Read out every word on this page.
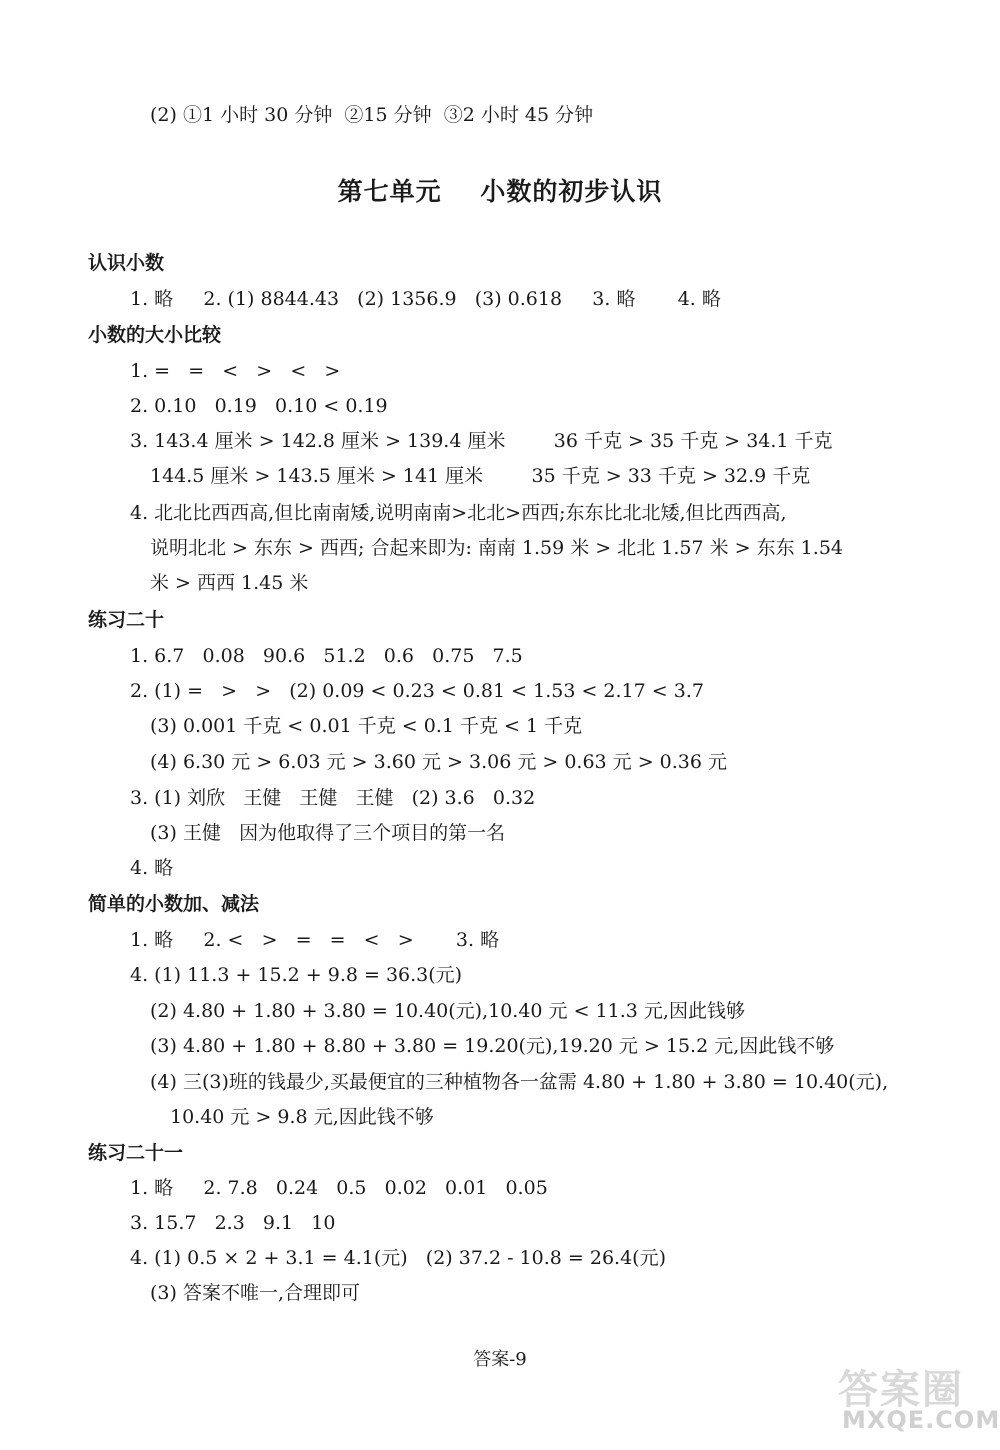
(2) ①1 小时 30 分钟  ②15 分钟  ③2 小时 45 分钟
第七单元    小数的初步认识
认识小数
1. 略     2. (1) 8844.43   (2) 1356.9   (3) 0.618     3. 略       4. 略
小数的大小比较
1. =   =   <   >   <   >
2. 0.10   0.19   0.10 < 0.19
3. 143.4 厘米 > 142.8 厘米 > 139.4 厘米        36 千克 > 35 千克 > 34.1 千克
144.5 厘米 > 143.5 厘米 > 141 厘米        35 千克 > 33 千克 > 32.9 千克
4. 北北比西西高,但比南南矮,说明南南>北北>西西;东东比北北矮,但比西西高,
说明北北 > 东东 > 西西; 合起来即为: 南南 1.59 米 > 北北 1.57 米 > 东东 1.54
米 > 西西 1.45 米
练习二十
1. 6.7   0.08   90.6   51.2   0.6   0.75   7.5
2. (1) =   >   >   (2) 0.09 < 0.23 < 0.81 < 1.53 < 2.17 < 3.7
(3) 0.001 千克 < 0.01 千克 < 0.1 千克 < 1 千克
(4) 6.30 元 > 6.03 元 > 3.60 元 > 3.06 元 > 0.63 元 > 0.36 元
3. (1) 刘欣   王健   王健   王健   (2) 3.6   0.32
(3) 王健   因为他取得了三个项目的第一名
4. 略
简单的小数加、减法
1. 略     2. <   >   =   =   <   >       3. 略
4. (1) 11.3 + 15.2 + 9.8 = 36.3(元)
(2) 4.80 + 1.80 + 3.80 = 10.40(元),10.40 元 < 11.3 元,因此钱够
(3) 4.80 + 1.80 + 8.80 + 3.80 = 19.20(元),19.20 元 > 15.2 元,因此钱不够
(4) 三(3)班的钱最少,买最便宜的三种植物各一盆需 4.80 + 1.80 + 3.80 = 10.40(元),
10.40 元 > 9.8 元,因此钱不够
练习二十一
1. 略     2. 7.8   0.24   0.5   0.02   0.01   0.05
3. 15.7   2.3   9.1   10
4. (1) 0.5 × 2 + 3.1 = 4.1(元)   (2) 37.2 - 10.8 = 26.4(元)
(3) 答案不唯一,合理即可
答案-9
答案圈
MXQE.COM
